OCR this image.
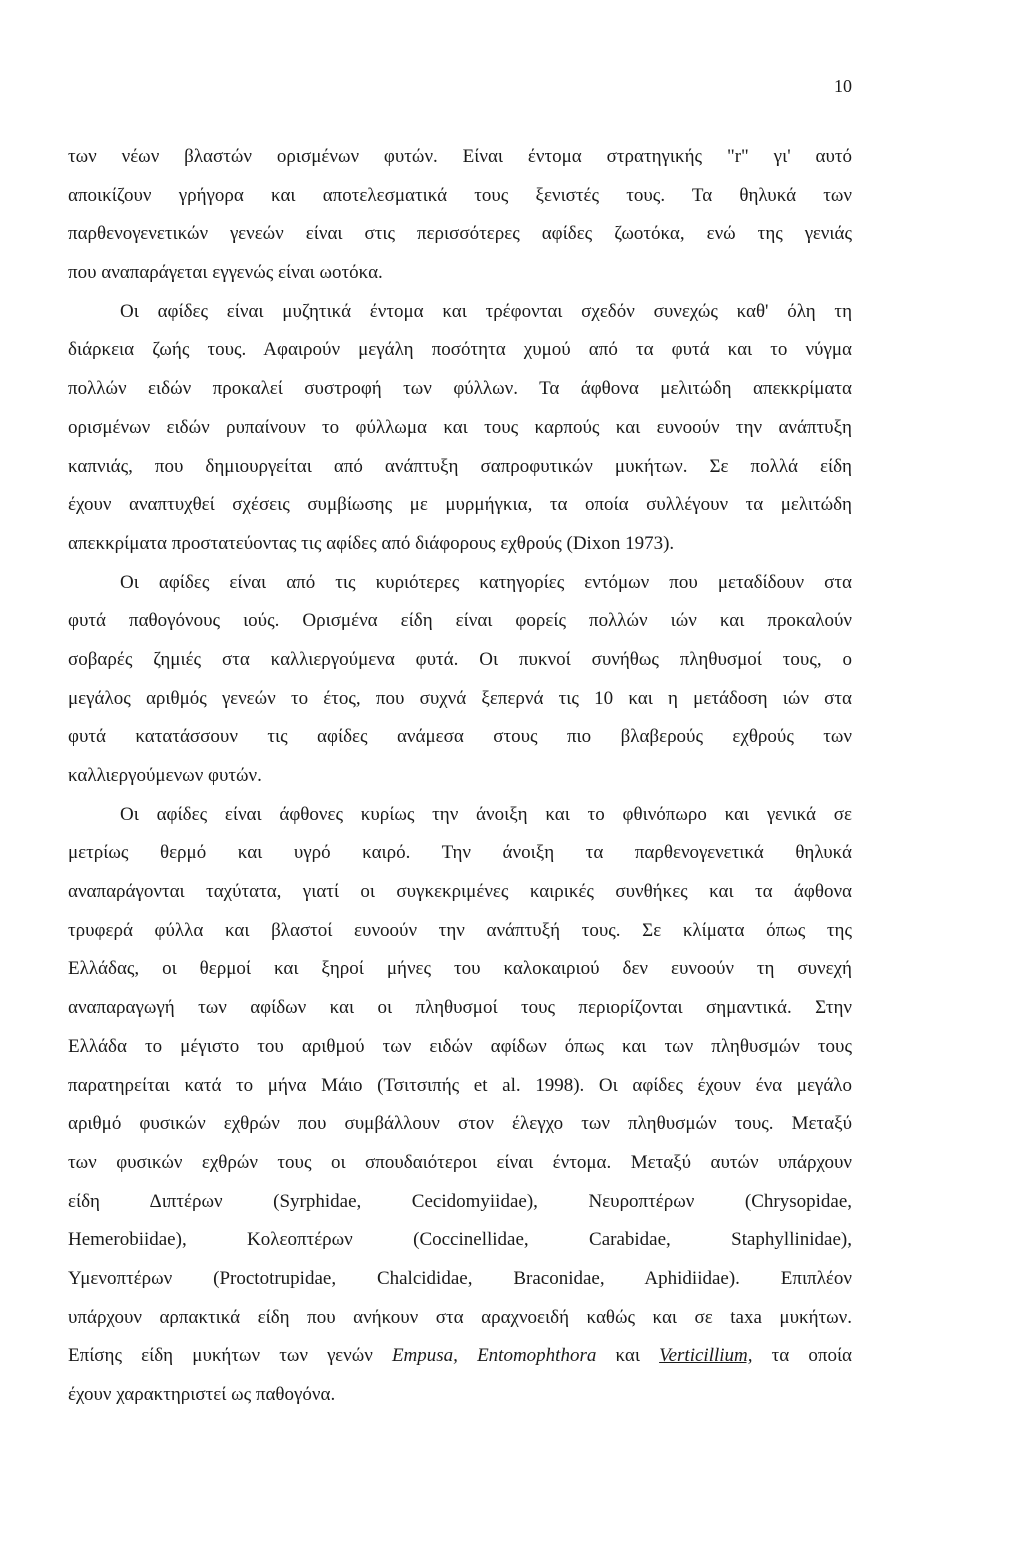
10
των νέων βλαστών ορισμένων φυτών. Είναι έντομα στρατηγικής "r" γι' αυτό
αποικίζουν γρήγορα και αποτελεσματικά τους ξενιστές τους. Τα θηλυκά των
παρθενογενετικών γενεών είναι στις περισσότερες αφίδες ζωοτόκα, ενώ της γενιάς
που αναπαράγεται εγγενώς είναι ωοτόκα.
Οι αφίδες είναι μυζητικά έντομα και τρέφονται σχεδόν συνεχώς καθ' όλη τη
διάρκεια ζωής τους. Αφαιρούν μεγάλη ποσότητα χυμού από τα φυτά και το νύγμα
πολλών ειδών προκαλεί συστροφή των φύλλων. Τα άφθονα μελιτώδη απεκκρίματα
ορισμένων ειδών ρυπαίνουν το φύλλωμα και τους καρπούς και ευνοούν την ανάπτυξη
καπνιάς, που δημιουργείται από ανάπτυξη σαπροφυτικών μυκήτων. Σε πολλά είδη
έχουν αναπτυχθεί σχέσεις συμβίωσης με μυρμήγκια, τα οποία συλλέγουν τα μελιτώδη
απεκκρίματα προστατεύοντας τις αφίδες από διάφορους εχθρούς (Dixon 1973).
Οι αφίδες είναι από τις κυριότερες κατηγορίες εντόμων που μεταδίδουν στα
φυτά παθογόνους ιούς. Ορισμένα είδη είναι φορείς πολλών ιών και προκαλούν
σοβαρές ζημιές στα καλλιεργούμενα φυτά. Οι πυκνοί συνήθως πληθυσμοί τους, ο
μεγάλος αριθμός γενεών το έτος, που συχνά ξεπερνά τις 10 και η μετάδοση ιών στα
φυτά κατατάσσουν τις αφίδες ανάμεσα στους πιο βλαβερούς εχθρούς των
καλλιεργούμενων φυτών.
Οι αφίδες είναι άφθονες κυρίως την άνοιξη και το φθινόπωρο και γενικά σε
μετρίως θερμό και υγρό καιρό. Την άνοιξη τα παρθενογενετικά θηλυκά
αναπαράγονται ταχύτατα, γιατί οι συγκεκριμένες καιρικές συνθήκες και τα άφθονα
τρυφερά φύλλα και βλαστοί ευνοούν την ανάπτυξή τους. Σε κλίματα όπως της
Ελλάδας, οι θερμοί και ξηροί μήνες του καλοκαιριού δεν ευνοούν τη συνεχή
αναπαραγωγή των αφίδων και οι πληθυσμοί τους περιορίζονται σημαντικά. Στην
Ελλάδα το μέγιστο του αριθμού των ειδών αφίδων όπως και των πληθυσμών τους
παρατηρείται κατά το μήνα Μάιο (Τσιτσιπής et al. 1998). Οι αφίδες έχουν ένα μεγάλο
αριθμό φυσικών εχθρών που συμβάλλουν στον έλεγχο των πληθυσμών τους. Μεταξύ
των φυσικών εχθρών τους οι σπουδαιότεροι είναι έντομα. Μεταξύ αυτών υπάρχουν
είδη Διπτέρων (Syrphidae, Cecidomyiidae), Νευροπτέρων (Chrysopidae,
Hemerobiidae), Κολεοπτέρων (Coccinellidae, Carabidae, Staphyllinidae),
Υμενοπτέρων (Proctotrupidae, Chalcididae, Braconidae, Aphidiidae). Επιπλέον
υπάρχουν αρπακτικά είδη που ανήκουν στα αραχνοειδή καθώς και σε taxa μυκήτων.
Επίσης είδη μυκήτων των γενών Empusa, Entomophthora και Verticillium, τα οποία
έχουν χαρακτηριστεί ως παθογόνα.
